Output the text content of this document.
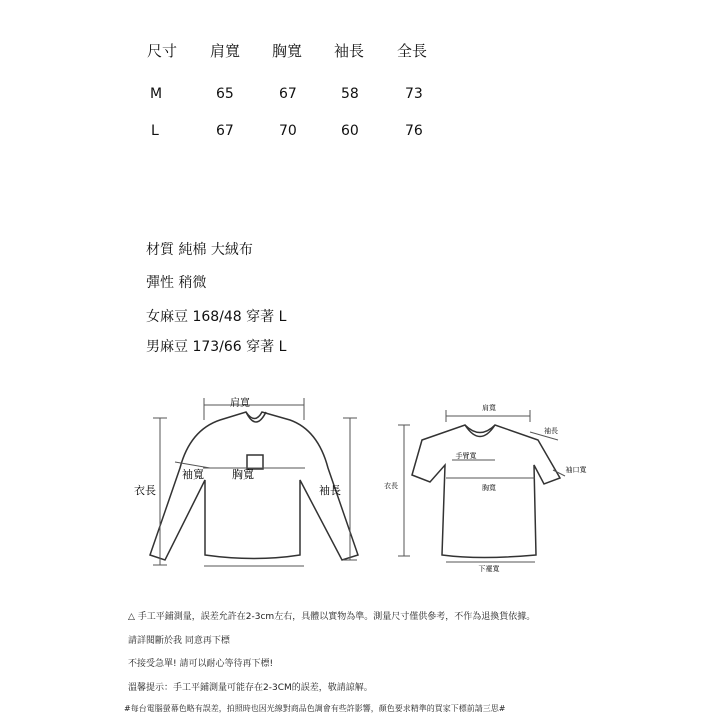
尺寸 肩寬 胸寬 袖長 全長
M	65	67	58	73
L	67	70	60	76
材質 純棉 大絨布
彈性 稍微
女麻豆 168/48 穿著 L
男麻豆 173/66 穿著 L
肩寬
袖寬	胸寬
衣長	袖長
肩寬
袖長
手臂寬
袖口寬
衣長	胸寬
下襬寬
△ 手工平鋪測量，誤差允許在2-3cm左右，具體以實物為準。測量尺寸僅供參考，不作為退換貨依據。
請詳閱斷於我 同意再下標
不接受急單! 請可以耐心等待再下標!
溫馨提示：手工平鋪測量可能存在2-3CM的誤差，敬請諒解。
#每台電腦螢幕色略有誤差，拍照時也因光線對商品色調會有些許影響，顏色要求精準的買家下標前請三思#
